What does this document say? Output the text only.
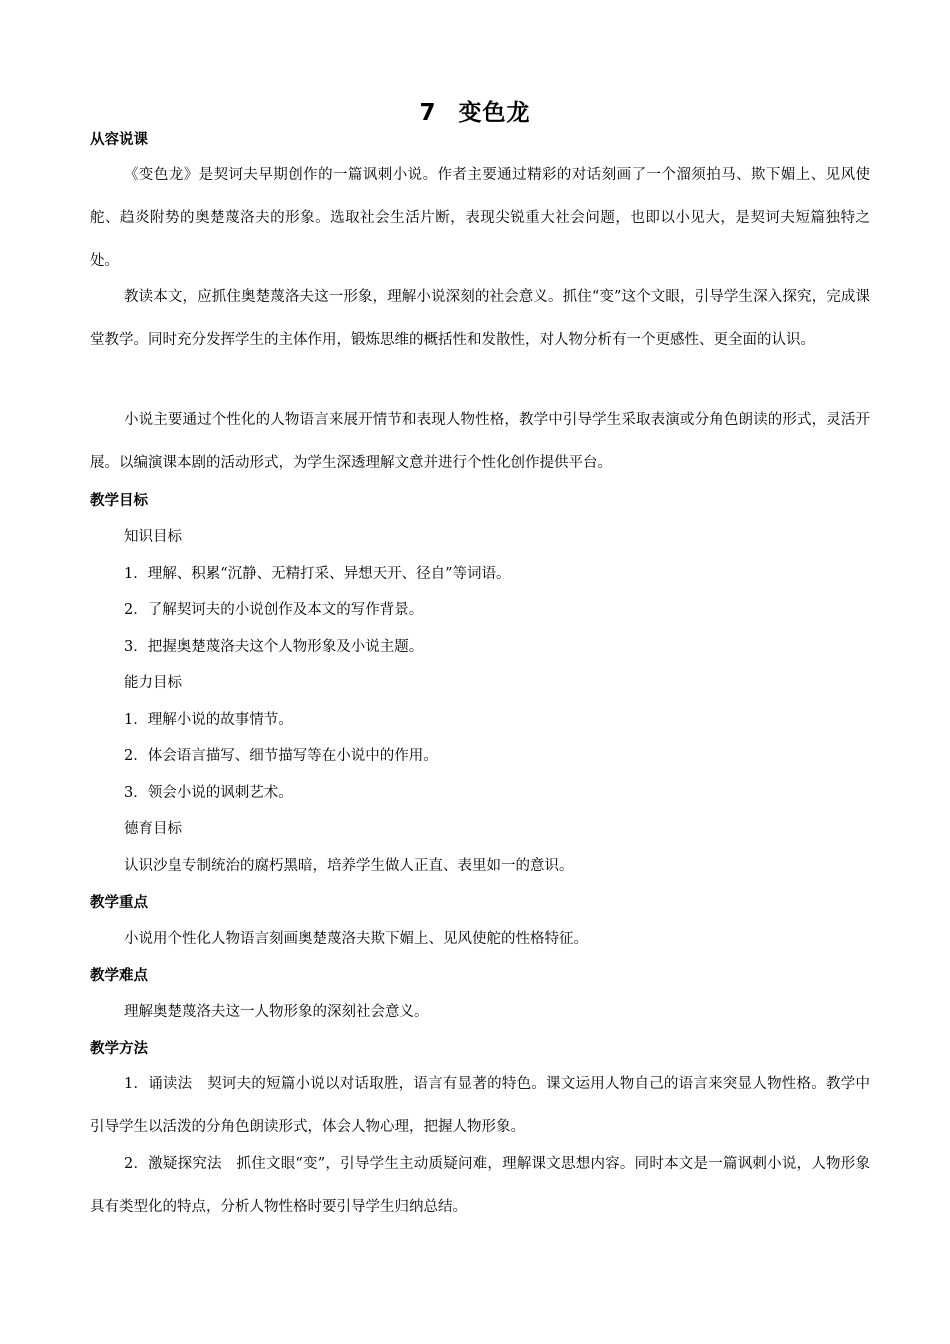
7 变色龙
从容说课

《变色龙》是契诃夫早期创作的一篇讽刺小说。作者主要通过精彩的对话刻画了一个溜须拍马、欺下媚上、见风使舵、趋炎附势的奥楚蔑洛夫的形象。选取社会生活片断，表现尖锐重大社会问题，也即以小见大，是契诃夫短篇独特之处。

教读本文，应抓住奥楚蔑洛夫这一形象，理解小说深刻的社会意义。抓住“变”这个文眼，引导学生深入探究，完成课堂教学。同时充分发挥学生的主体作用，锻炼思维的概括性和发散性，对人物分析有一个更感性、更全面的认识。

小说主要通过个性化的人物语言来展开情节和表现人物性格，教学中引导学生采取表演或分角色朗读的形式，灵活开展。以编演课本剧的活动形式，为学生深透理解文意并进行个性化创作提供平台。

教学目标
知识目标
1．理解、积累“沉静、无精打采、异想天开、径自”等词语。
2．了解契诃夫的小说创作及本文的写作背景。
3．把握奥楚蔑洛夫这个人物形象及小说主题。
能力目标
1．理解小说的故事情节。
2．体会语言描写、细节描写等在小说中的作用。
3．领会小说的讽刺艺术。
德育目标
认识沙皇专制统治的腐朽黑暗，培养学生做人正直、表里如一的意识。
教学重点
小说用个性化人物语言刻画奥楚蔑洛夫欺下媚上、见风使舵的性格特征。
教学难点
理解奥楚蔑洛夫这一人物形象的深刻社会意义。
教学方法

1．诵读法　契诃夫的短篇小说以对话取胜，语言有显著的特色。课文运用人物自己的语言来突显人物性格。教学中引导学生以活泼的分角色朗读形式，体会人物心理，把握人物形象。

2．激疑探究法　抓住文眼“变”，引导学生主动质疑问难，理解课文思想内容。同时本文是一篇讽刺小说，人物形象具有类型化的特点，分析人物性格时要引导学生归纳总结。
